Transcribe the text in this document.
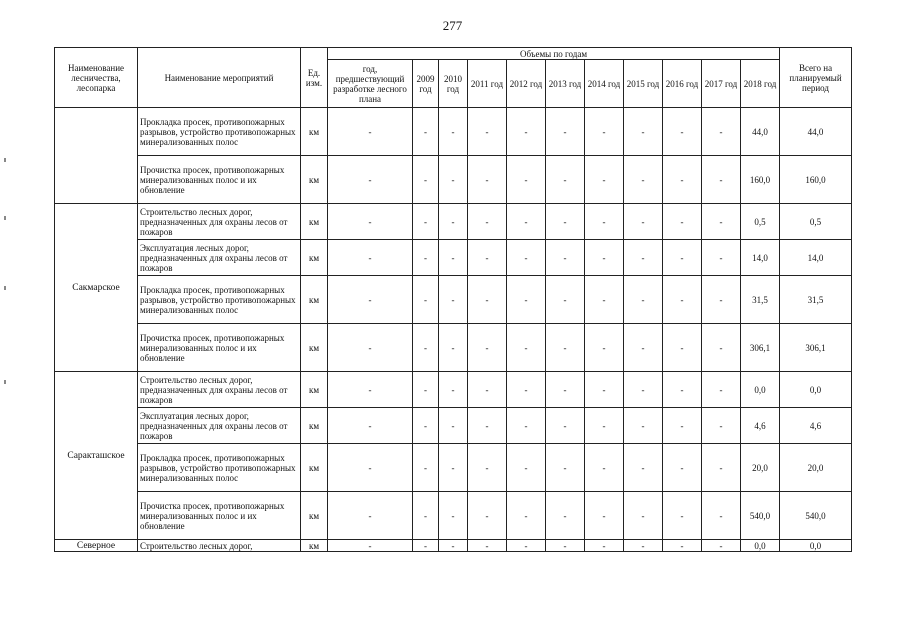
277
Наименование лесничества, лесопарка	Наименование мероприятий	Ед. изм.	Объемы по годам											Всего на планируемый период
			год, предшествующий разработке лесного плана	2009 год	2010 год	2011 год	2012 год	2013 год	2014 год	2015 год	2016 год	2017 год	2018 год	
	Прокладка просек, противопожарных разрывов, устройство противопожарных минерализованных полос	км	-	-	-	-	-	-	-	-	-	-	44,0	44,0
	Прочистка просек, противопожарных минерализованных полос и их обновление	км	-	-	-	-	-	-	-	-	-	-	160,0	160,0
Сакмарское	Строительство лесных дорог, предназначенных для охраны лесов от пожаров	км	-	-	-	-	-	-	-	-	-	-	0,5	0,5
	Эксплуатация лесных дорог, предназначенных для охраны лесов от пожаров	км	-	-	-	-	-	-	-	-	-	-	14,0	14,0
	Прокладка просек, противопожарных разрывов, устройство противопожарных минерализованных полос	км	-	-	-	-	-	-	-	-	-	-	31,5	31,5
	Прочистка просек, противопожарных минерализованных полос и их обновление	км	-	-	-	-	-	-	-	-	-	-	306,1	306,1
Саракташское	Строительство лесных дорог, предназначенных для охраны лесов от пожаров	км	-	-	-	-	-	-	-	-	-	-	0,0	0,0
	Эксплуатация лесных дорог, предназначенных для охраны лесов от пожаров	км	-	-	-	-	-	-	-	-	-	-	4,6	4,6
	Прокладка просек, противопожарных разрывов, устройство противопожарных минерализованных полос	км	-	-	-	-	-	-	-	-	-	-	20,0	20,0
	Прочистка просек, противопожарных минерализованных полос и их обновление	км	-	-	-	-	-	-	-	-	-	-	540,0	540,0
Северное	Строительство лесных дорог,	км	-	-	-	-	-	-	-	-	-	-	0,0	0,0
